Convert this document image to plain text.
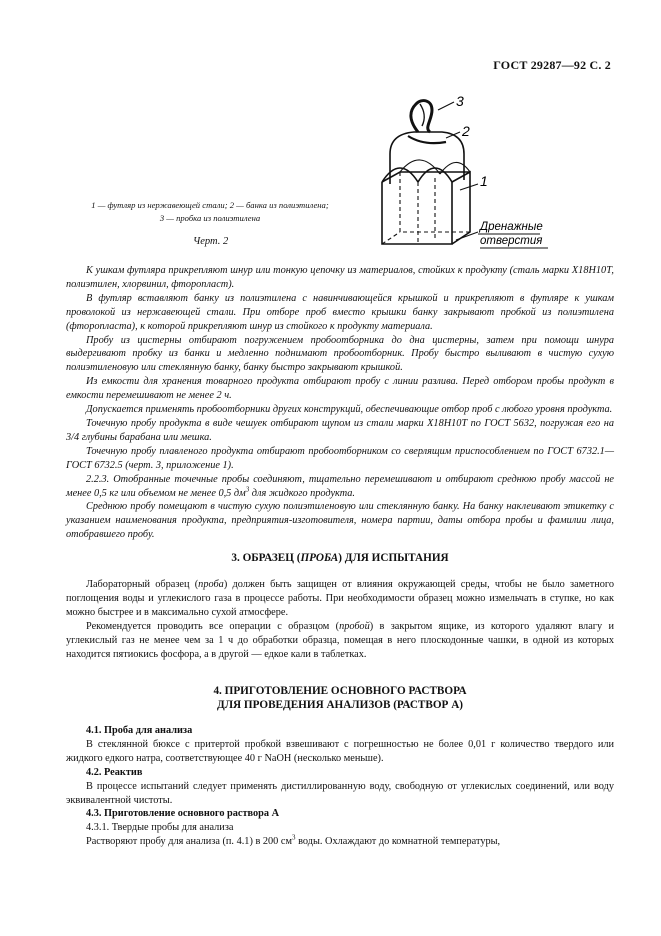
ГОСТ 29287—92 С. 2
3
2
1
Дренажные
отверстия
1 — футляр из нержавеющей стали; 2 — банка из полиэтилена;
3 — пробка из полиэтилена
Черт. 2

К ушкам футляра прикрепляют шнур или тонкую цепочку из материалов, стойких к продукту (сталь марки Х18Н10Т, полиэтилен, хлорвинил, фторопласт).

В футляр вставляют банку из полиэтилена с навинчивающейся крышкой и прикрепляют в футляре к ушкам проволокой из нержавеющей стали. При отборе проб вместо крышки банку закрывают пробкой из полиэтилена (фторопласта), к которой прикрепляют шнур из стойкого к продукту материала.

Пробу из цистерны отбирают погружением пробоотборника до дна цистерны, затем при помощи шнура выдергивают пробку из банки и медленно поднимают пробоотборник. Пробу быстро выливают в чистую сухую полиэтиленовую или стеклянную банку, банку быстро закрывают крышкой.

Из емкости для хранения товарного продукта отбирают пробу с линии разлива. Перед отбором пробы продукт в емкости перемешивают не менее 2 ч.

Допускается применять пробоотборники других конструкций, обеспечивающие отбор проб с любого уровня продукта.

Точечную пробу продукта в виде чешуек отбирают щупом из стали марки Х18Н10Т по ГОСТ 5632, погружая его на 3/4 глубины барабана или мешка.

Точечную пробу плавленого продукта отбирают пробоотборником со сверлящим приспособлением по ГОСТ 6732.1—ГОСТ 6732.5 (черт. 3, приложение 1).

2.2.3. Отобранные точечные пробы соединяют, тщательно перемешивают и отбирают среднюю пробу массой не менее 0,5 кг или объемом не менее 0,5 $дм^3$ для жидкого продукта.

Среднюю пробу помещают в чистую сухую полиэтиленовую или стеклянную банку. На банку наклеивают этикетку с указанием наименования продукта, предприятия-изготовителя, номера партии, даты отбора пробы и фамилии лица, отобравшего пробу.

3. ОБРАЗЕЦ (ПРОБА) ДЛЯ ИСПЫТАНИЯ

Лабораторный образец (проба) должен быть защищен от влияния окружающей среды, чтобы не было заметного поглощения воды и углекислого газа в процессе работы. При необходимости образец можно измельчать в ступке, но как можно быстрее и в максимально сухой атмосфере.

Рекомендуется проводить все операции с образцом (пробой) в закрытом ящике, из которого удаляют влагу и углекислый газ не менее чем за 1 ч до обработки образца, помещая в него плоскодонные чашки, в одной из которых находится пятиокись фосфора, а в другой — едкое кали в таблетках.

4. ПРИГОТОВЛЕНИЕ ОСНОВНОГО РАСТВОРА
ДЛЯ ПРОВЕДЕНИЯ АНАЛИЗОВ (РАСТВОР А)

4.1. Проба для анализа

В стеклянной бюксе с притертой пробкой взвешивают с погрешностью не более 0,01 г количество твердого или жидкого едкого натра, соответствующее 40 г NaOH (несколько меньше).

4.2. Реактив

В процессе испытаний следует применять дистиллированную воду, свободную от углекислых соединений, или воду эквивалентной чистоты.

4.3. Приготовление основного раствора А

4.3.1. Твердые пробы для анализа

Растворяют пробу для анализа (п. 4.1) в 200 $см^3$ воды. Охлаждают до комнатной температуры,
